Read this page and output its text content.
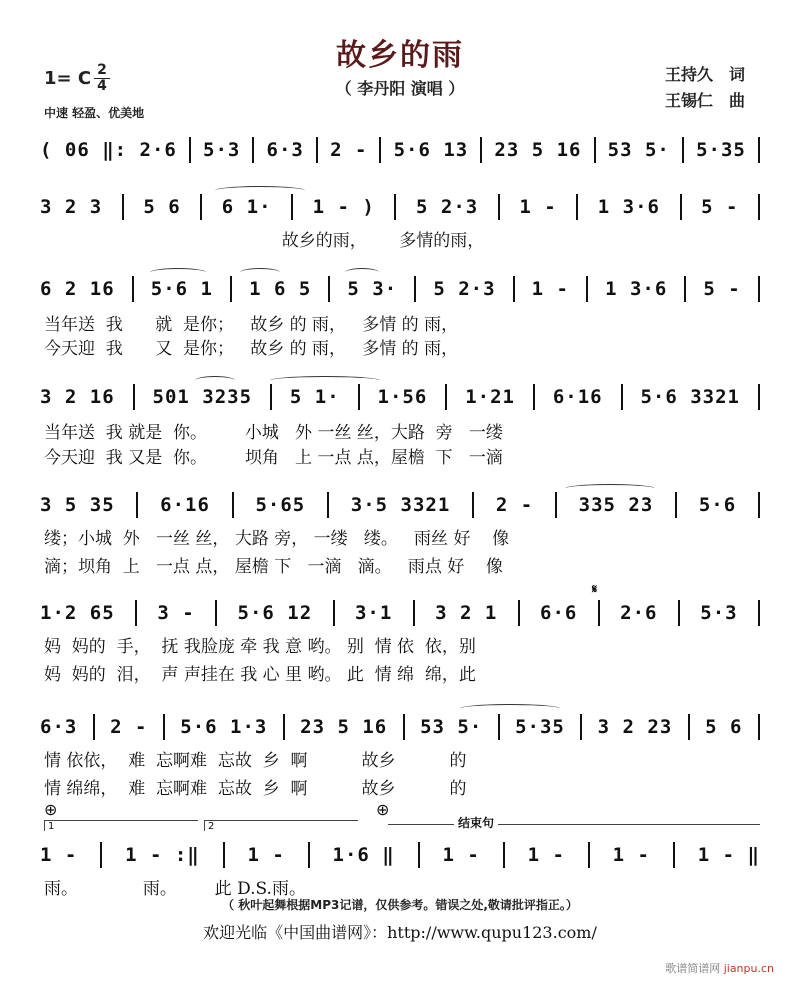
故乡的雨
（ 李丹阳 演唱 ）
王持久　词
王锡仁　曲
1= C 2
4
中速 轻盈、优美地
( 06 ‖: 2·6 5·3 6·3 2 - 5·6 13 23 5 16 53 5· 5·35
3 2 3 5 6 6 1· 1 - ) 5 2·3 1 - 1 3·6 5 -
故乡的雨，      多情的雨，
6 2 16 5·6 1 1 6 5 5 3· 5 2·3 1 - 1 3·6 5 -
当年送  我      就  是你；   故乡 的 雨，   多情 的 雨，
今天迎  我      又  是你；   故乡 的 雨，   多情 的 雨，
3 2 16 501 3235 5 1· 1·56 1·21 6·16 5·6 3321
当年送  我 就是  你。       小城   外 一丝 丝，大路  旁   一缕
今天迎  我 又是  你。       坝角   上 一点 点，屋檐  下   一滴
3 5 35 6·16 5·65 3·5 3321 2 - 335 23 5·6
缕；小城  外   一丝 丝， 大路 旁， 一缕   缕。   雨丝 好    像
滴；坝角  上   一点 点， 屋檐 下   一滴   滴。   雨点 好    像
𝄋
1·2 65 3 - 5·6 12 3·1 3 2 1 6·6 2·6 5·3
妈  妈的  手，  抚 我脸庞 牵 我 意 哟。 别  情 依  依，别
妈  妈的  泪，  声 声挂在 我 心 里 哟。 此  情 绵  绵，此
6·3 2 - 5·6 1·3 23 5 16 53 5· 5·35 3 2 23 5 6
情 依依，  难  忘啊难  忘故  乡  啊          故乡          的
情 绵绵，  难  忘啊难  忘故  乡  啊          故乡          的
⊕	⊕
1	2	结束句
1 -	1 - :‖	1 -	1·6 ‖	1 -	1 -	1 -	1 - ‖
雨。            雨。       此 D.S.雨。
（ 秋叶起舞根据MP3记谱，仅供参考。错误之处,敬请批评指正。）
欢迎光临《中国曲谱网》：http://www.qupu123.com/
歌谱简谱网 jianpu.cn
